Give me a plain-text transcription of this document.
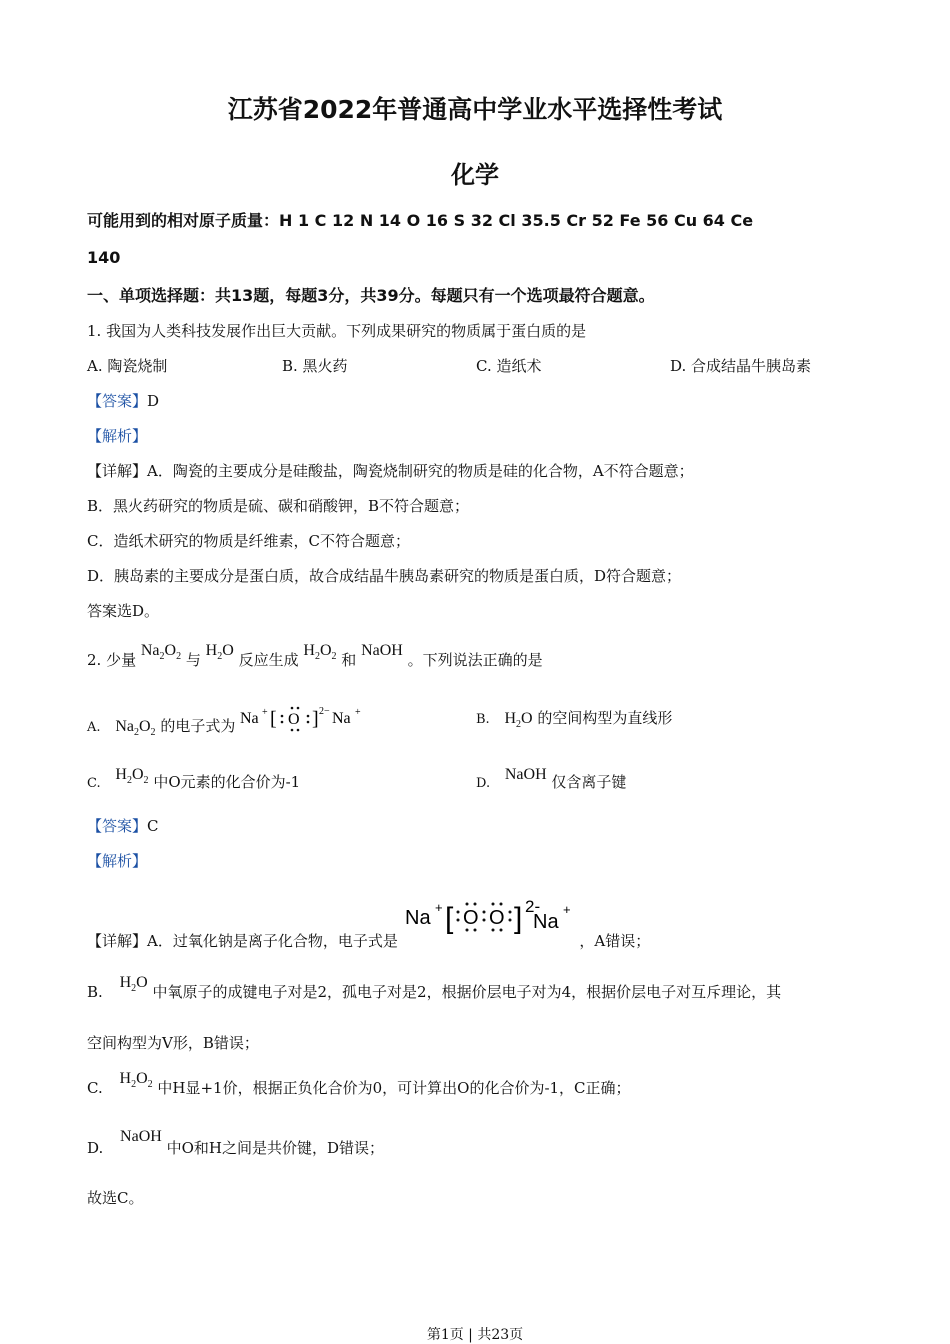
江苏省2022年普通高中学业水平选择性考试
化学
可能用到的相对原子质量：H 1 C 12 N 14 O 16 S 32 Cl 35.5 Cr 52 Fe 56 Cu 64 Ce
140
一、单项选择题：共13题，每题3分，共39分。每题只有一个选项最符合题意。
1. 我国为人类科技发展作出巨大贡献。下列成果研究的物质属于蛋白质的是
A. 陶瓷烧制	B. 黑火药	C. 造纸术	D. 合成结晶牛胰岛素
【答案】D
【解析】
【详解】A．陶瓷的主要成分是硅酸盐，陶瓷烧制研究的物质是硅的化合物，A不符合题意；
B．黑火药研究的物质是硫、碳和硝酸钾，B不符合题意；
C．造纸术研究的物质是纤维素，C不符合题意；
D．胰岛素的主要成分是蛋白质，故合成结晶牛胰岛素研究的物质是蛋白质，D符合题意；
答案选D。
2. 少量 $Na_2O_2$ 与 $H_2O$ 反应生成 $H_2O_2$ 和 NaOH 。下列说法正确的是
A. $Na_2O_2$ 的电子式为 Na + [ O ] 2− Na +	B. $H_2O$ 的空间构型为直线形
C. $H_2O_2$ 中O元素的化合价为-1	D. NaOH 仅含离子键
【答案】C
【解析】
【详解】A．过氧化钠是离子化合物，电子式是
Na + [ O O ] 2-
Na
+
，A错误；
B. $H_2O$ 中氧原子的成键电子对是2，孤电子对是2，根据价层电子对为4，根据价层电子对互斥理论，其
空间构型为V形，B错误；
C. $H_2O_2$ 中H显+1价，根据正负化合价为0，可计算出O的化合价为-1，C正确；
D. NaOH 中O和H之间是共价键，D错误；
故选C。
第1页 | 共23页
